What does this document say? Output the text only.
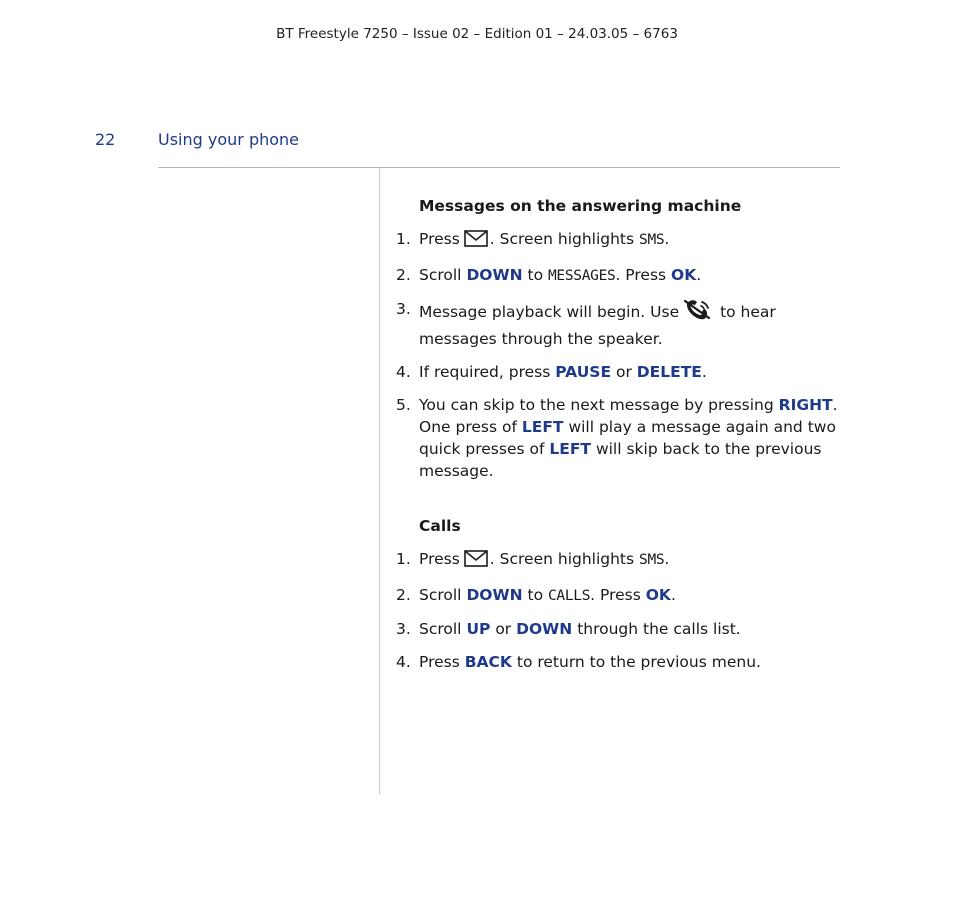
BT Freestyle 7250 – Issue 02 – Edition 01 – 24.03.05 – 6763
22	Using your phone
Messages on the answering machine
1. Press . Screen highlights SMS.
2. Scroll DOWN to MESSAGES. Press OK.
3. Message playback will begin. Use	to hear messages through the speaker.
4. If required, press PAUSE or DELETE.
5. You can skip to the next message by pressing RIGHT. One press of LEFT will play a message again and two quick presses of LEFT will skip back to the previous message.
Calls
1. Press . Screen highlights SMS.
2. Scroll DOWN to CALLS. Press OK.
3. Scroll UP or DOWN through the calls list.
4. Press BACK to return to the previous menu.
